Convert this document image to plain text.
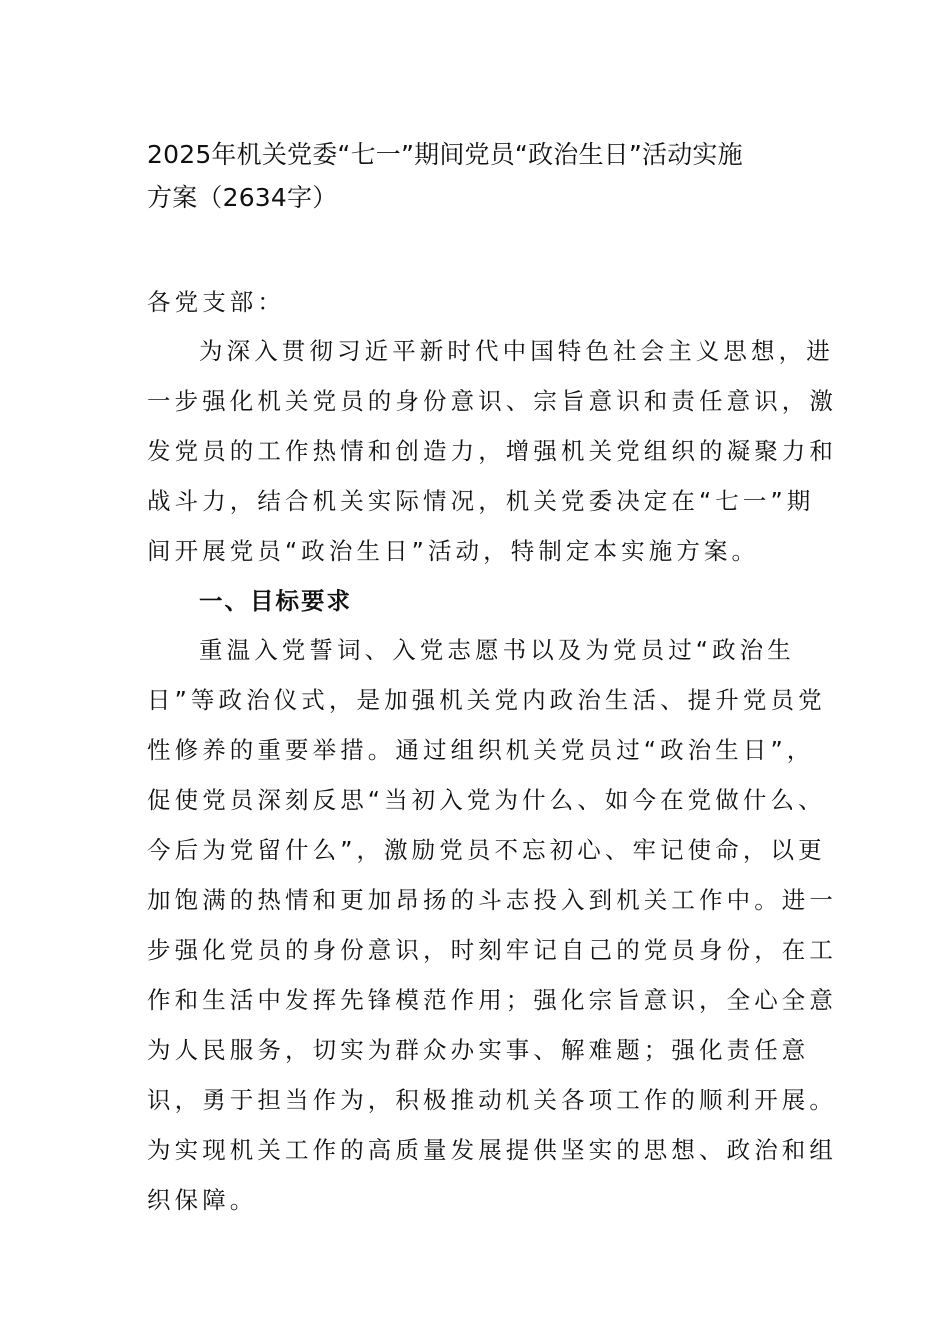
2025年机关党委“七一”期间党员“政治生日”活动实施
方案（2634字）
各党支部：
为深入贯彻习近平新时代中国特色社会主义思想，进
一步强化机关党员的身份意识、宗旨意识和责任意识，激
发党员的工作热情和创造力，增强机关党组织的凝聚力和
战斗力，结合机关实际情况，机关党委决定在“七一”期
间开展党员“政治生日”活动，特制定本实施方案。
一、目标要求
重温入党誓词、入党志愿书以及为党员过“政治生
日”等政治仪式，是加强机关党内政治生活、提升党员党
性修养的重要举措。通过组织机关党员过“政治生日”，
促使党员深刻反思“当初入党为什么、如今在党做什么、
今后为党留什么”，激励党员不忘初心、牢记使命，以更
加饱满的热情和更加昂扬的斗志投入到机关工作中。进一
步强化党员的身份意识，时刻牢记自己的党员身份，在工
作和生活中发挥先锋模范作用；强化宗旨意识，全心全意
为人民服务，切实为群众办实事、解难题；强化责任意
识，勇于担当作为，积极推动机关各项工作的顺利开展。
为实现机关工作的高质量发展提供坚实的思想、政治和组
织保障。
